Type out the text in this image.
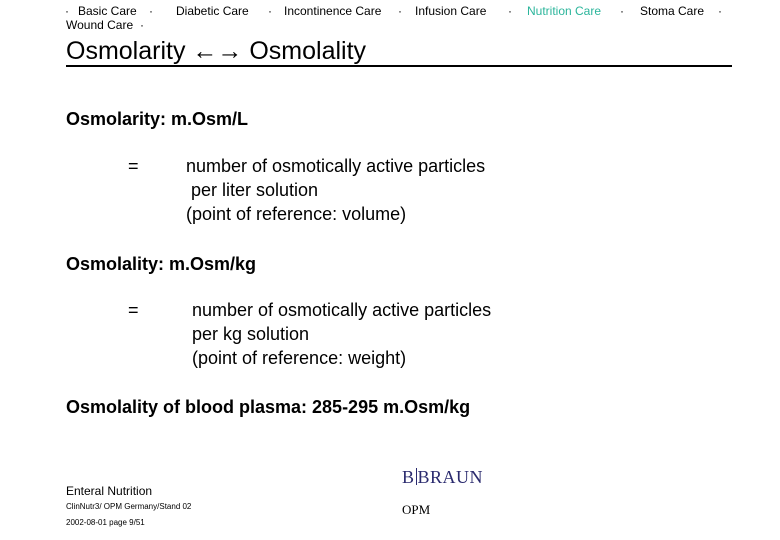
· Basic Care · Diabetic Care · Incontinence Care · Infusion Care · Nutrition Care · Stoma Care ·
Wound Care ·
Osmolarity ←→ Osmolality
Osmolarity: m.Osm/L
=	number of osmotically active particles
per liter solution
(point of reference: volume)
Osmolality: m.Osm/kg
=	number of osmotically active particles
per kg solution
(point of reference: weight)
Osmolality of blood plasma: 285-295 m.Osm/kg
Enteral Nutrition
ClinNutr3/ OPM Germany/Stand 02
2002-08-01 page 9/51
B BRAUN
OPM
